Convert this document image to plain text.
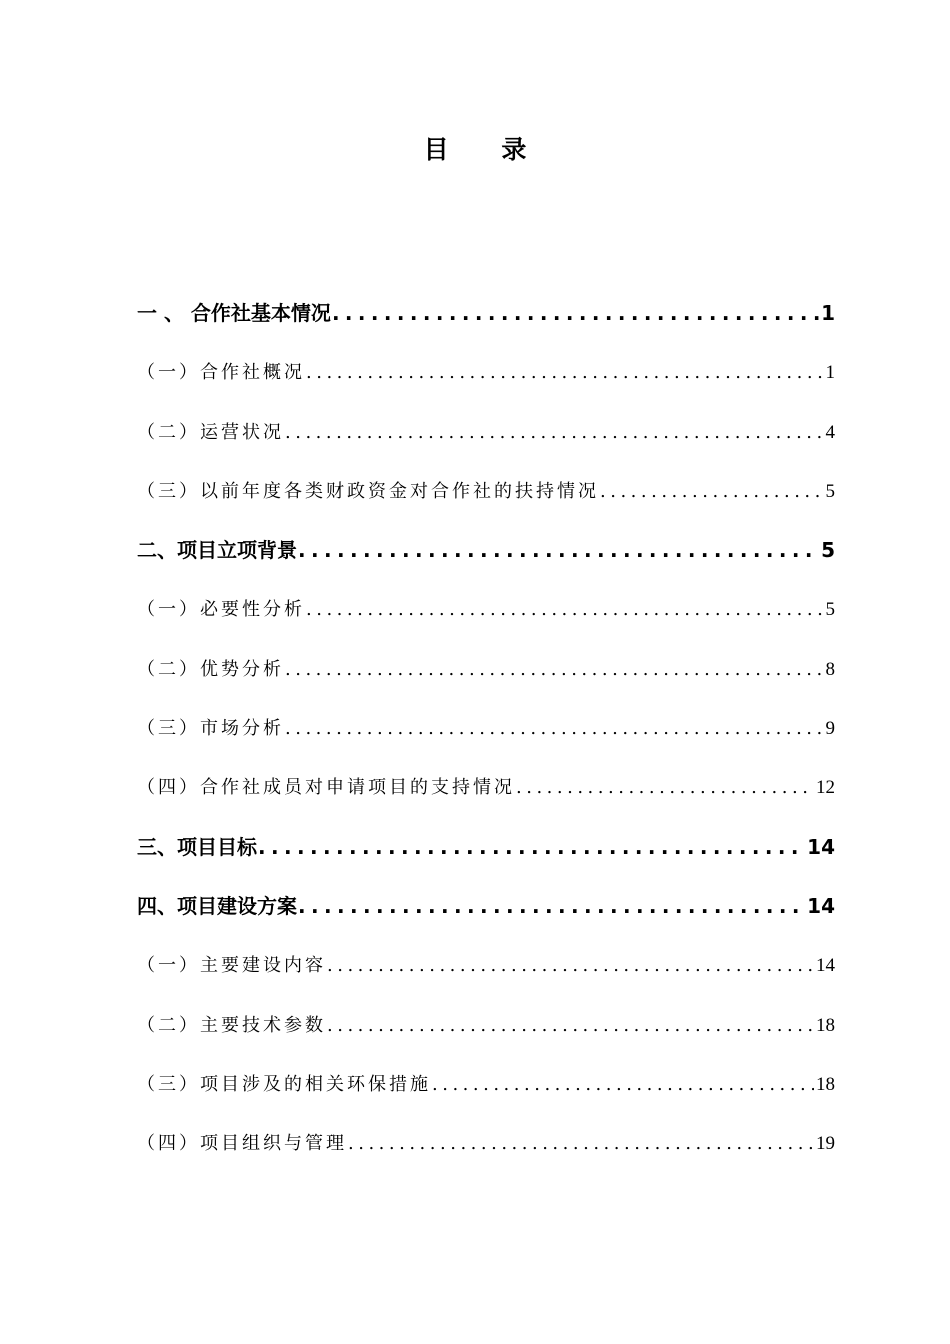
目 录
一 、 合作社基本情况 .....	1
（一）合作社概况 .....	1
（二）运营状况 .....	4
（三）以前年度各类财政资金对合作社的扶持情况 .....	5
二、项目立项背景 .....	5
（一）必要性分析 .....	5
（二）优势分析 .....	8
（三）市场分析 .....	9
（四）合作社成员对申请项目的支持情况 .....	12
三、项目目标 .....	14
四、项目建设方案 .....	14
（一）主要建设内容 .....	14
（二）主要技术参数 .....	18
（三）项目涉及的相关环保措施 .....	18
（四）项目组织与管理 .....	19
